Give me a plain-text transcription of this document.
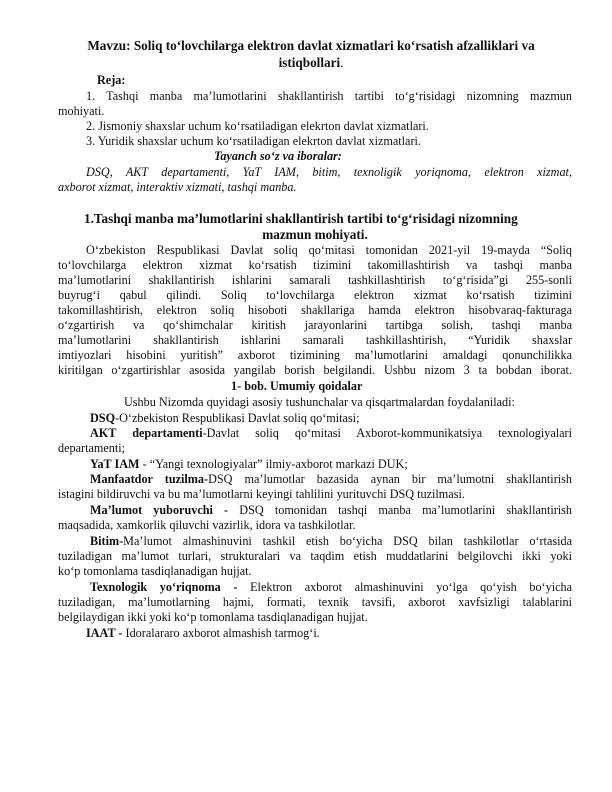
Mavzu: Soliq toʻlovchilarga elektron davlat xizmatlari koʻrsatish afzalliklari va istiqbollari.
Reja:
1. Tashqi manba maʼlumotlarini shakllantirish tartibi toʻgʻrisidagi nizomning mazmun
mohiyati.
2. Jismoniy shaxslar uchum koʻrsatiladigan elekrton davlat xizmatlari.
3. Yuridik shaxslar uchum koʻrsatiladigan elekrton davlat xizmatlari.
Tayanch soʻz va iboralar:
DSQ, AKT departamenti, YaT IAM, bitim, texnoligik yoriqnoma, elektron xizmat,
axborot xizmat, interaktiv xizmati, tashqi manba.
1.Tashqi manba maʼlumotlarini shakllantirish tartibi toʻgʻrisidagi nizomning
mazmun mohiyati.
Oʻzbekiston Respublikasi Davlat soliq qoʻmitasi tomonidan 2021-yil 19-mayda “Soliq
toʻlovchilarga elektron xizmat koʻrsatish tizimini takomillashtirish va tashqi manba
maʼlumotlarini shakllantirish ishlarini samarali tashkillashtirish toʻgʻrisida”gi 255-sonli
buyrugʻi qabul qilindi. Soliq toʻlovchilarga elektron xizmat koʻrsatish tizimini
takomillashtirish, elektron soliq hisoboti shakllariga hamda elektron hisobvaraq-fakturaga
oʻzgartirish va qoʻshimchalar kiritish jarayonlarini tartibga solish, tashqi manba
maʼlumotlarini shakllantirish ishlarini samarali tashkillashtirish, “Yuridik shaxslar
imtiyozlari hisobini yuritish” axborot tizimining maʼlumotlarini amaldagi qonunchilikka
kiritilgan oʻzgartirishlar asosida yangilab borish belgilandi. Ushbu nizom 3 ta bobdan iborat.
1- bob. Umumiy qoidalar
Ushbu Nizomda quyidagi asosiy tushunchalar va qisqartmalardan foydalaniladi:
DSQ-Oʻzbekiston Respublikasi Davlat soliq qoʻmitasi;
AKT departamenti-Davlat soliq qoʻmitasi Axborot-kommunikatsiya texnologiyalari
departamenti;
YaT IAM - “Yangi texnologiyalar” ilmiy-axborot markazi DUK;
Manfaatdor tuzilma-DSQ maʼlumotlar bazasida aynan bir maʼlumotni shakllantirish
istagini bildiruvchi va bu maʼlumotlarni keyingi tahlilini yurituvchi DSQ tuzilmasi.
Maʼlumot yuboruvchi - DSQ tomonidan tashqi manba maʼlumotlarini shakllantirish
maqsadida, xamkorlik qiluvchi vazirlik, idora va tashkilotlar.
Bitim-Maʼlumot almashinuvini tashkil etish boʻyicha DSQ bilan tashkilotlar oʻrtasida
tuziladigan maʼlumot turlari, strukturalari va taqdim etish muddatlarini belgilovchi ikki yoki
koʻp tomonlama tasdiqlanadigan hujjat.
Texnologik yoʻriqnoma - Elektron axborot almashinuvini yoʻlga qoʻyish boʻyicha
tuziladigan, maʼlumotlarning hajmi, formati, texnik tavsifi, axborot xavfsizligi talablarini
belgilaydigan ikki yoki koʻp tomonlama tasdiqlanadigan hujjat.
IAAT - Idoralararo axborot almashish tarmogʻi.
